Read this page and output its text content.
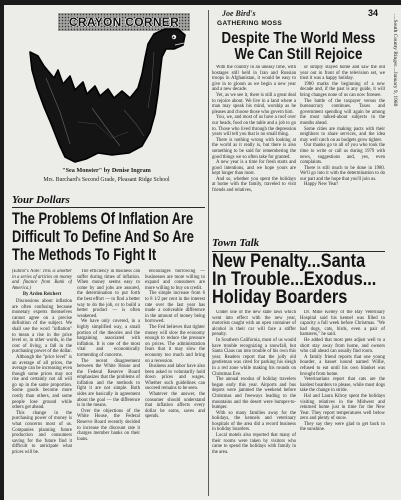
CRAYON CORNER
"Sea Monster" by Denise Ingram
Mrs. Burchard's Second Grade, Pleasant Ridge School
Your Dollars
The Problems Of Inflation Are
Difficult To Define And So Are
The Methods To Fight It

(Editor's Note: This is another in a series of articles on money and finance from Bank of America.)

By Arden Reichert

Discussions about inflation are often confusing because monetary experts themselves cannot agree on a precise definition of the subject. We shall use the word "inflation" to mean a rise in the price level or, in other words, in the cost of living, a fall in the purchasing power of the dollar.

Although the "price level" is an average of all prices, the average can be increasing even though some prices may not rise and certainly not all will go up in the same proportion. Some goods become more costly than others, and some people lose ground while others get ahead.

This change in the purchasing power of money is what concerns most of us. Companies planning future production and consumers saving for the future find it difficult to anticipate what prices will be.

The efficiency in business can suffer during times of inflation. When money seems easy to come by and jobs are assured, the determination to put forth the best effort — to find a better way to do the job, or to build a better product — is often weakened.

We have only covered, in a highly simplified way, a small portion of the theories and the bargaining associated with inflation. It is one of the most vital and economically tormenting of concerns.

The recent disagreement between the White House and the Federal Reserve Board emphasizes that the problems of inflation and the methods to fight it are not simple. Both sides are basically in agreement about the goal — the difference is in the means.

Over the objections of the White House, the Federal Reserve Board recently decided to increase the discount rate it charges member banks on their loans.

encourages borrowing — businesses are more willing to expand and consumers are more willing to buy on credit.

The simple increase from 6 to 8 1/2 per cent in the interest rate over the last year has made a noticeable difference in the amount of money being borrowed.

The Fed believes that tighter money will slow the economy enough to reduce the pressure on prices. The administration fears that it may slow the economy too much and bring on a recession.

Business and labor have also been asked to voluntarily hold down prices and wages. Whether such guidelines can succeed remains to be seen.

Whatever the answer, the consumer should understand that inflation affects every dollar he earns, saves and spends.

Joe Bird's
GATHERING MOSS
34
....South County Ringer....January 9, 1980
Despite The World Mess
We Can Still Rejoice

With the country in an uneasy time, with hostages still held in Iran and Russian troops in Afghanistan, it would be easy to give in to gloom as we begin a new year and a new decade.

Yet, as we see it, there is still a great deal to rejoice about. We live in a land where a man may speak his mind, worship as he pleases and choose those who govern him.

You, we, and most of us have a roof over our heads, food on the table and a job to go to. Those who lived through the depression years will tell you that is no small thing.

There is nothing wrong with looking at the world as it really is, but there is also something to be said for remembering the good things we so often take for granted.

A new year is a time for fresh starts and good intentions, and we hope yours are kept longer than most.

And so, whether you spent the holidays at home with the family, traveled to visit friends and relatives,

or simply stayed home and saw the old year out in front of the television set, we trust it was a happy holiday.

1980 marks the beginning of a new decade and, if the past is any guide, it will bring changes none of us can now foresee.

The battle of the taxpayer versus the bureaucracy continues. Taxes and government spending will again be among the most talked-about subjects in the months ahead.

Some cities are making pacts with their neighbors to share services, and the idea may well catch on as budgets grow tighter.

Our thanks go to all of you who took the time to write or call us during 1979 with news, suggestions and, yes, even complaints.

There is still much to be done in 1980. We'll go into it with the determination to do our part and the hope that you'll join us.

Happy New Year!

Town Talk
New Penalty...Santa
In Trouble...Exodus...
Holiday Boarders

Under one of the new state laws which went into effect with the new year, motorists caught with an open container of alcohol in their car will face a stiffer penalty.

In Southern California, most of us would have trouble recognizing a snowfall, but Santa Claus ran into trouble of his own this year. Readers report that the jolly old gentleman was cited for parking his sleigh in a red zone while making his rounds on Christmas Eve.

The annual exodus of holiday travelers began early this year. Airports and bus depots were jammed the weekend before Christmas and freeways leading to the mountains and the desert were bumper-to-bumper.

With so many families away for the holidays, the kennels and veterinary hospitals of the area did a record business in holiday boarders.

Local motels also reported that many of their rooms were taken by visitors who came to spend the holidays with family in the area.

Dr. Mike Kelley of the Bay Veterinary Hospital said his kennel was filled to capacity a full week before Christmas. "We had dogs, cats, birds, even a pair of hamsters," he said.

He added that most pets adjust well to a short stay away from home, and owners who call ahead can usually find room.

A family friend reports that one young boarder, a basset hound named Willie, refused to eat until his own blanket was brought from home.

Veterinarians report that cats are the hardest boarders to please, while most dogs take the change in stride.

Hal and Laura Kilroy spent the holidays visiting relatives in the Midwest and returned home just in time for the New Year. They report temperatures well below zero and plenty of snow.

They say they were glad to get back to the sunshine.
